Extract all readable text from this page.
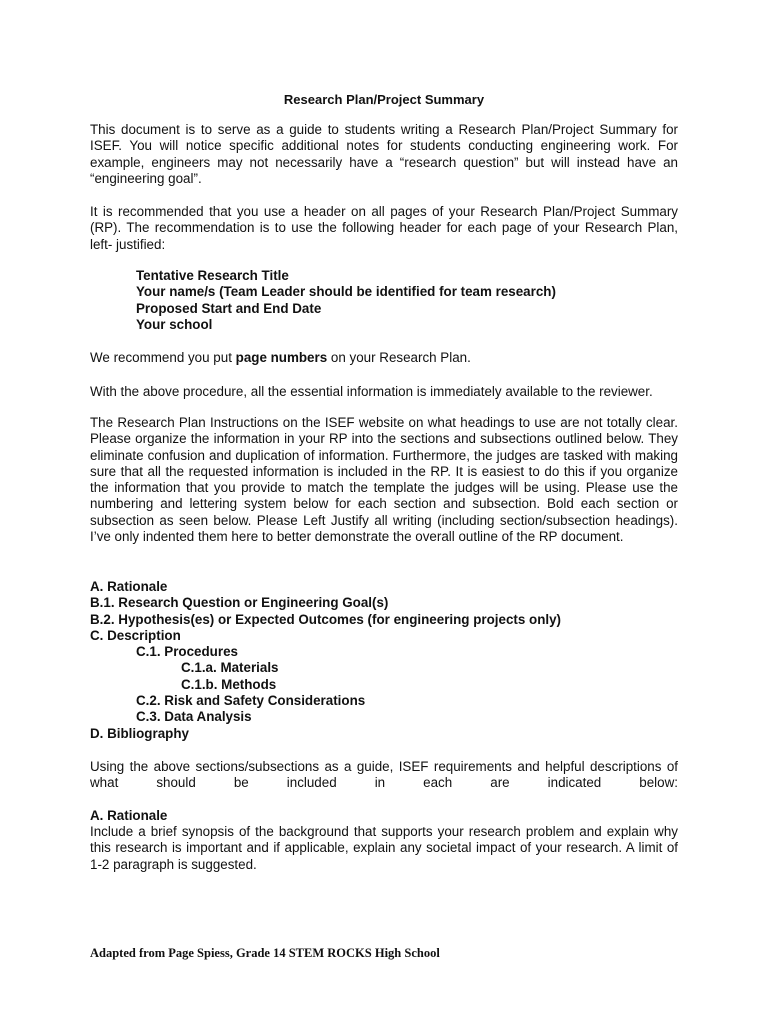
Research Plan/Project Summary
This document is to serve as a guide to students writing a Research Plan/Project Summary for ISEF. You will notice specific additional notes for students conducting engineering work. For example, engineers may not necessarily have a “research question” but will instead have an “engineering goal”.
It is recommended that you use a header on all pages of your Research Plan/Project Summary (RP). The recommendation is to use the following header for each page of your Research Plan, left- justified:
Tentative Research Title
Your name/s (Team Leader should be identified for team research)
Proposed Start and End Date
Your school
We recommend you put page numbers on your Research Plan.
With the above procedure, all the essential information is immediately available to the reviewer.
The Research Plan Instructions on the ISEF website on what headings to use are not totally clear. Please organize the information in your RP into the sections and subsections outlined below. They eliminate confusion and duplication of information. Furthermore, the judges are tasked with making sure that all the requested information is included in the RP. It is easiest to do this if you organize the information that you provide to match the template the judges will be using. Please use the numbering and lettering system below for each section and subsection. Bold each section or subsection as seen below. Please Left Justify all writing (including section/subsection headings). I’ve only indented them here to better demonstrate the overall outline of the RP document.
A. Rationale
B.1. Research Question or Engineering Goal(s)
B.2. Hypothesis(es) or Expected Outcomes (for engineering projects only)
C. Description
C.1. Procedures
C.1.a. Materials
C.1.b. Methods
C.2. Risk and Safety Considerations
C.3. Data Analysis
D. Bibliography
Using the above sections/subsections as a guide, ISEF requirements and helpful descriptions of what should be included in each are indicated below:
A. Rationale
Include a brief synopsis of the background that supports your research problem and explain why this research is important and if applicable, explain any societal impact of your research. A limit of 1-2 paragraph is suggested.
Adapted from Page Spiess, Grade 14 STEM ROCKS High School
